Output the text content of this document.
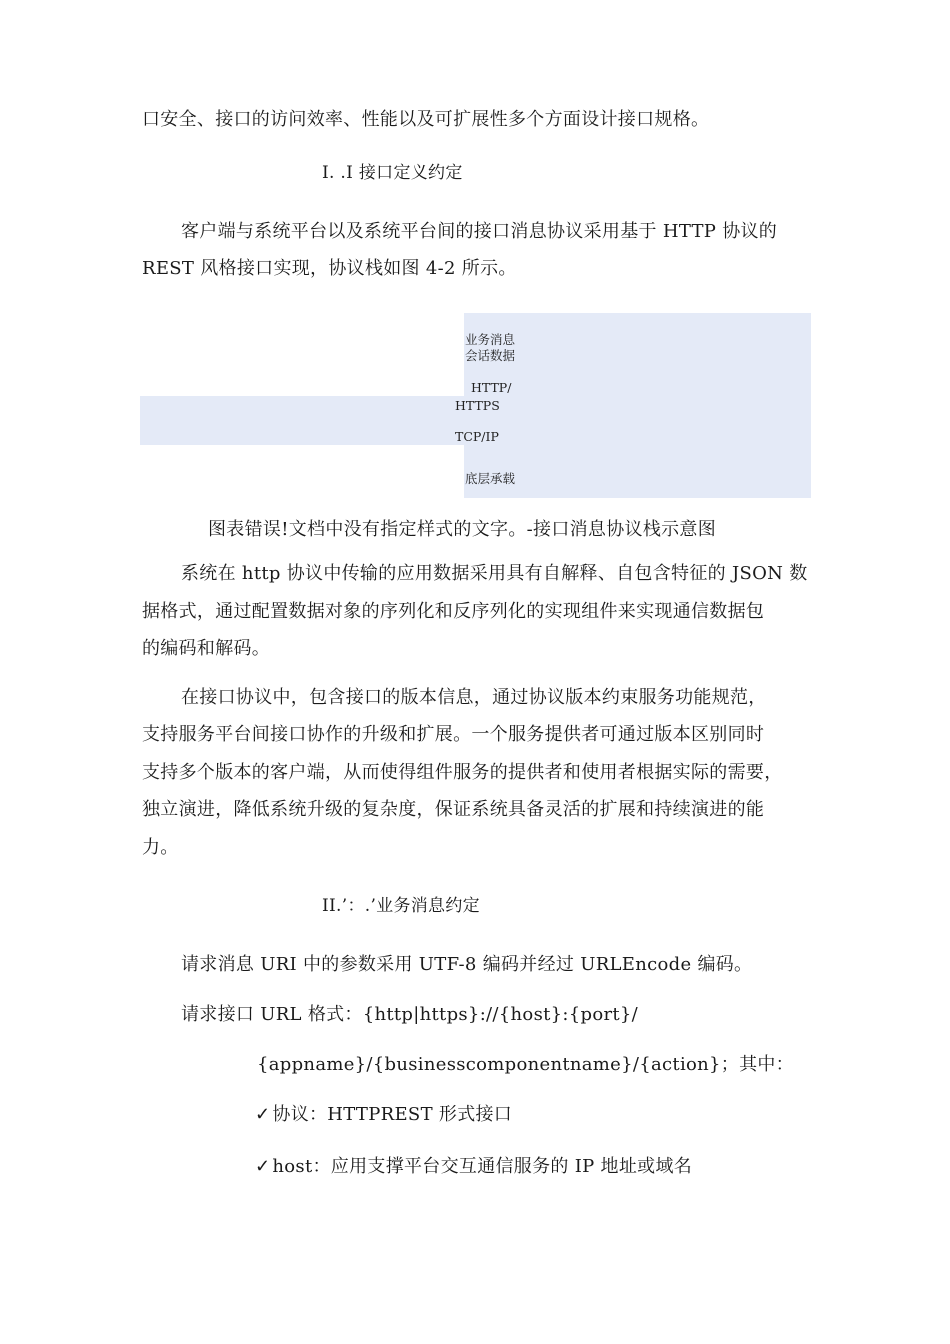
口安全、接口的访问效率、性能以及可扩展性多个方面设计接口规格。
I. .I 接口定义约定
客户端与系统平台以及系统平台间的接口消息协议采用基于 HTTP 协议的
REST 风格接口实现，协议栈如图 4-2 所示。
业务消息
会话数据
HTTP/
HTTPS
TCP/IP
底层承载
图表错误!文档中没有指定样式的文字。-接口消息协议栈示意图
系统在 http 协议中传输的应用数据采用具有自解释、自包含特征的 JSON 数
据格式，通过配置数据对象的序列化和反序列化的实现组件来实现通信数据包
的编码和解码。
在接口协议中，包含接口的版本信息，通过协议版本约束服务功能规范，
支持服务平台间接口协作的升级和扩展。一个服务提供者可通过版本区别同时
支持多个版本的客户端，从而使得组件服务的提供者和使用者根据实际的需要，
独立演进，降低系统升级的复杂度，保证系统具备灵活的扩展和持续演进的能
力。
II.’：.’业务消息约定
请求消息 URI 中的参数采用 UTF-8 编码并经过 URLEncode 编码。
请求接口 URL 格式：{http|https}://{host}:{port}/
{appname}/{businesscomponentname}/{action}；其中：
✓ 协议：HTTPREST 形式接口
✓ host：应用支撑平台交互通信服务的 IP 地址或域名
